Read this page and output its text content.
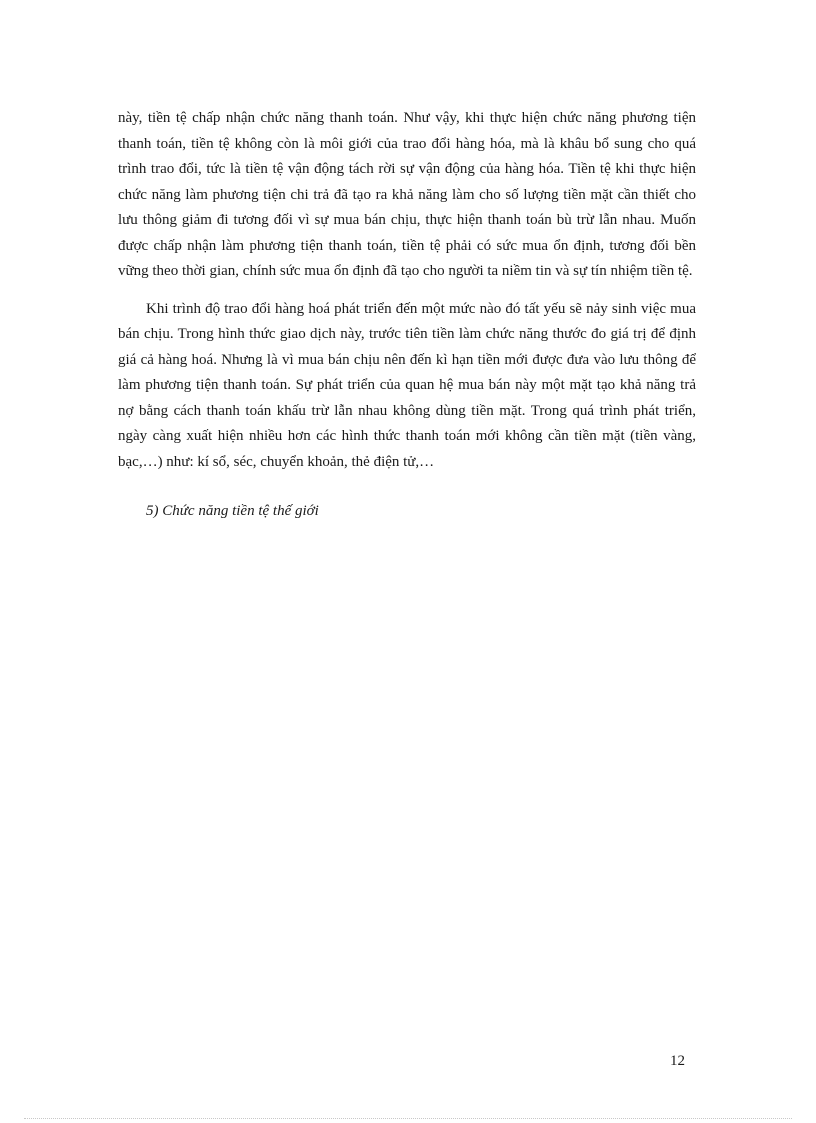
này, tiền tệ chấp nhận chức năng thanh toán. Như vậy, khi thực hiện chức năng phương tiện thanh toán, tiền tệ không còn là môi giới của trao đổi hàng hóa, mà là khâu bổ sung cho quá trình trao đổi, tức là tiền tệ vận động tách rời sự vận động của hàng hóa. Tiền tệ khi thực hiện chức năng làm phương tiện chi trả đã tạo ra khả năng làm cho số lượng tiền mặt cần thiết cho lưu thông giảm đi tương đối vì sự mua bán chịu, thực hiện thanh toán bù trừ lẫn nhau. Muốn được chấp nhận làm phương tiện thanh toán, tiền tệ phải có sức mua ổn định, tương đối bền vững theo thời gian, chính sức mua ổn định đã tạo cho người ta niềm tin và sự tín nhiệm tiền tệ.

Khi trình độ trao đổi hàng hoá phát triển đến một mức nào đó tất yếu sẽ nảy sinh việc mua bán chịu. Trong hình thức giao dịch này, trước tiên tiền làm chức năng thước đo giá trị để định giá cả hàng hoá. Nhưng là vì mua bán chịu nên đến kì hạn tiền mới được đưa vào lưu thông để làm phương tiện thanh toán. Sự phát triển của quan hệ mua bán này một mặt tạo khả năng trả nợ bằng cách thanh toán khấu trừ lẫn nhau không dùng tiền mặt. Trong quá trình phát triển, ngày càng xuất hiện nhiều hơn các hình thức thanh toán mới không cần tiền mặt (tiền vàng, bạc,…) như: kí sổ, séc, chuyển khoản, thẻ điện tử,…

5) Chức năng tiền tệ thế giới

12
